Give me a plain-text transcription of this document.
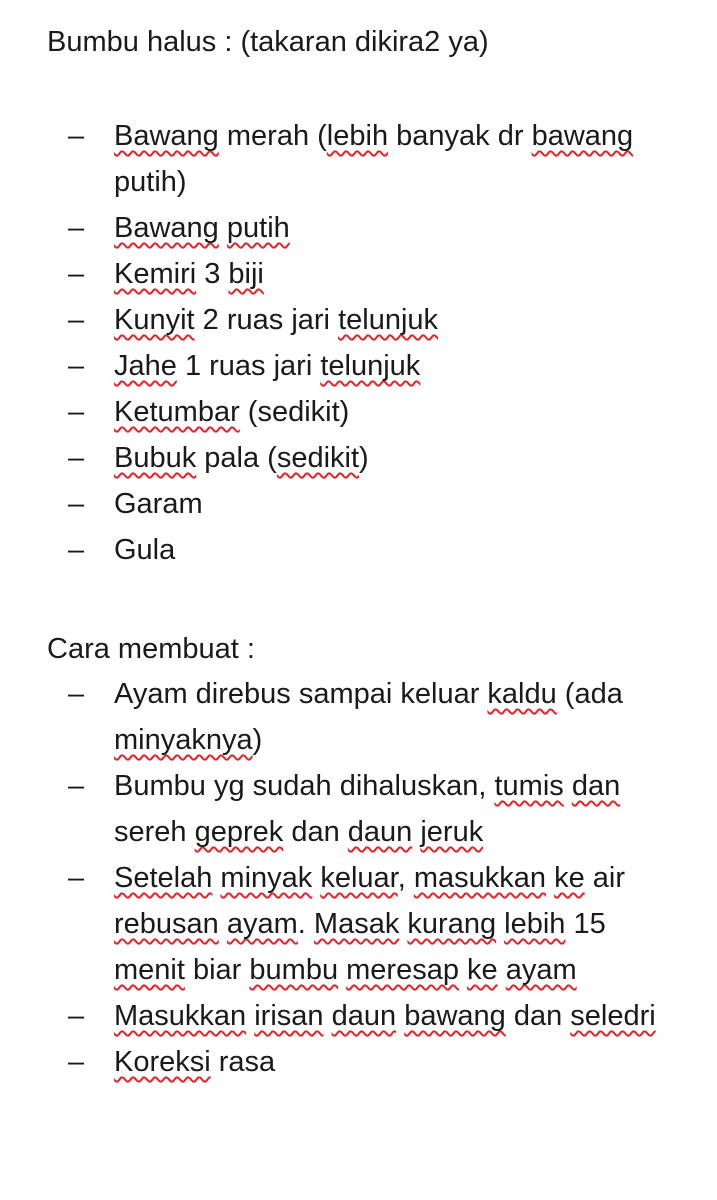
Bumbu halus : (takaran dikira2 ya)
–	Bawang merah (lebih banyak dr bawang putih)
–	Bawang putih
–	Kemiri 3 biji
–	Kunyit 2 ruas jari telunjuk
–	Jahe 1 ruas jari telunjuk
–	Ketumbar (sedikit)
–	Bubuk pala (sedikit)
–	Garam
–	Gula
Cara membuat :
–	Ayam direbus sampai keluar kaldu (ada minyaknya)
–	Bumbu yg sudah dihaluskan, tumis dan sereh geprek dan daun jeruk
–	Setelah minyak keluar, masukkan ke air rebusan ayam. Masak kurang lebih 15 menit biar bumbu meresap ke ayam
–	Masukkan irisan daun bawang dan seledri
–	Koreksi rasa
